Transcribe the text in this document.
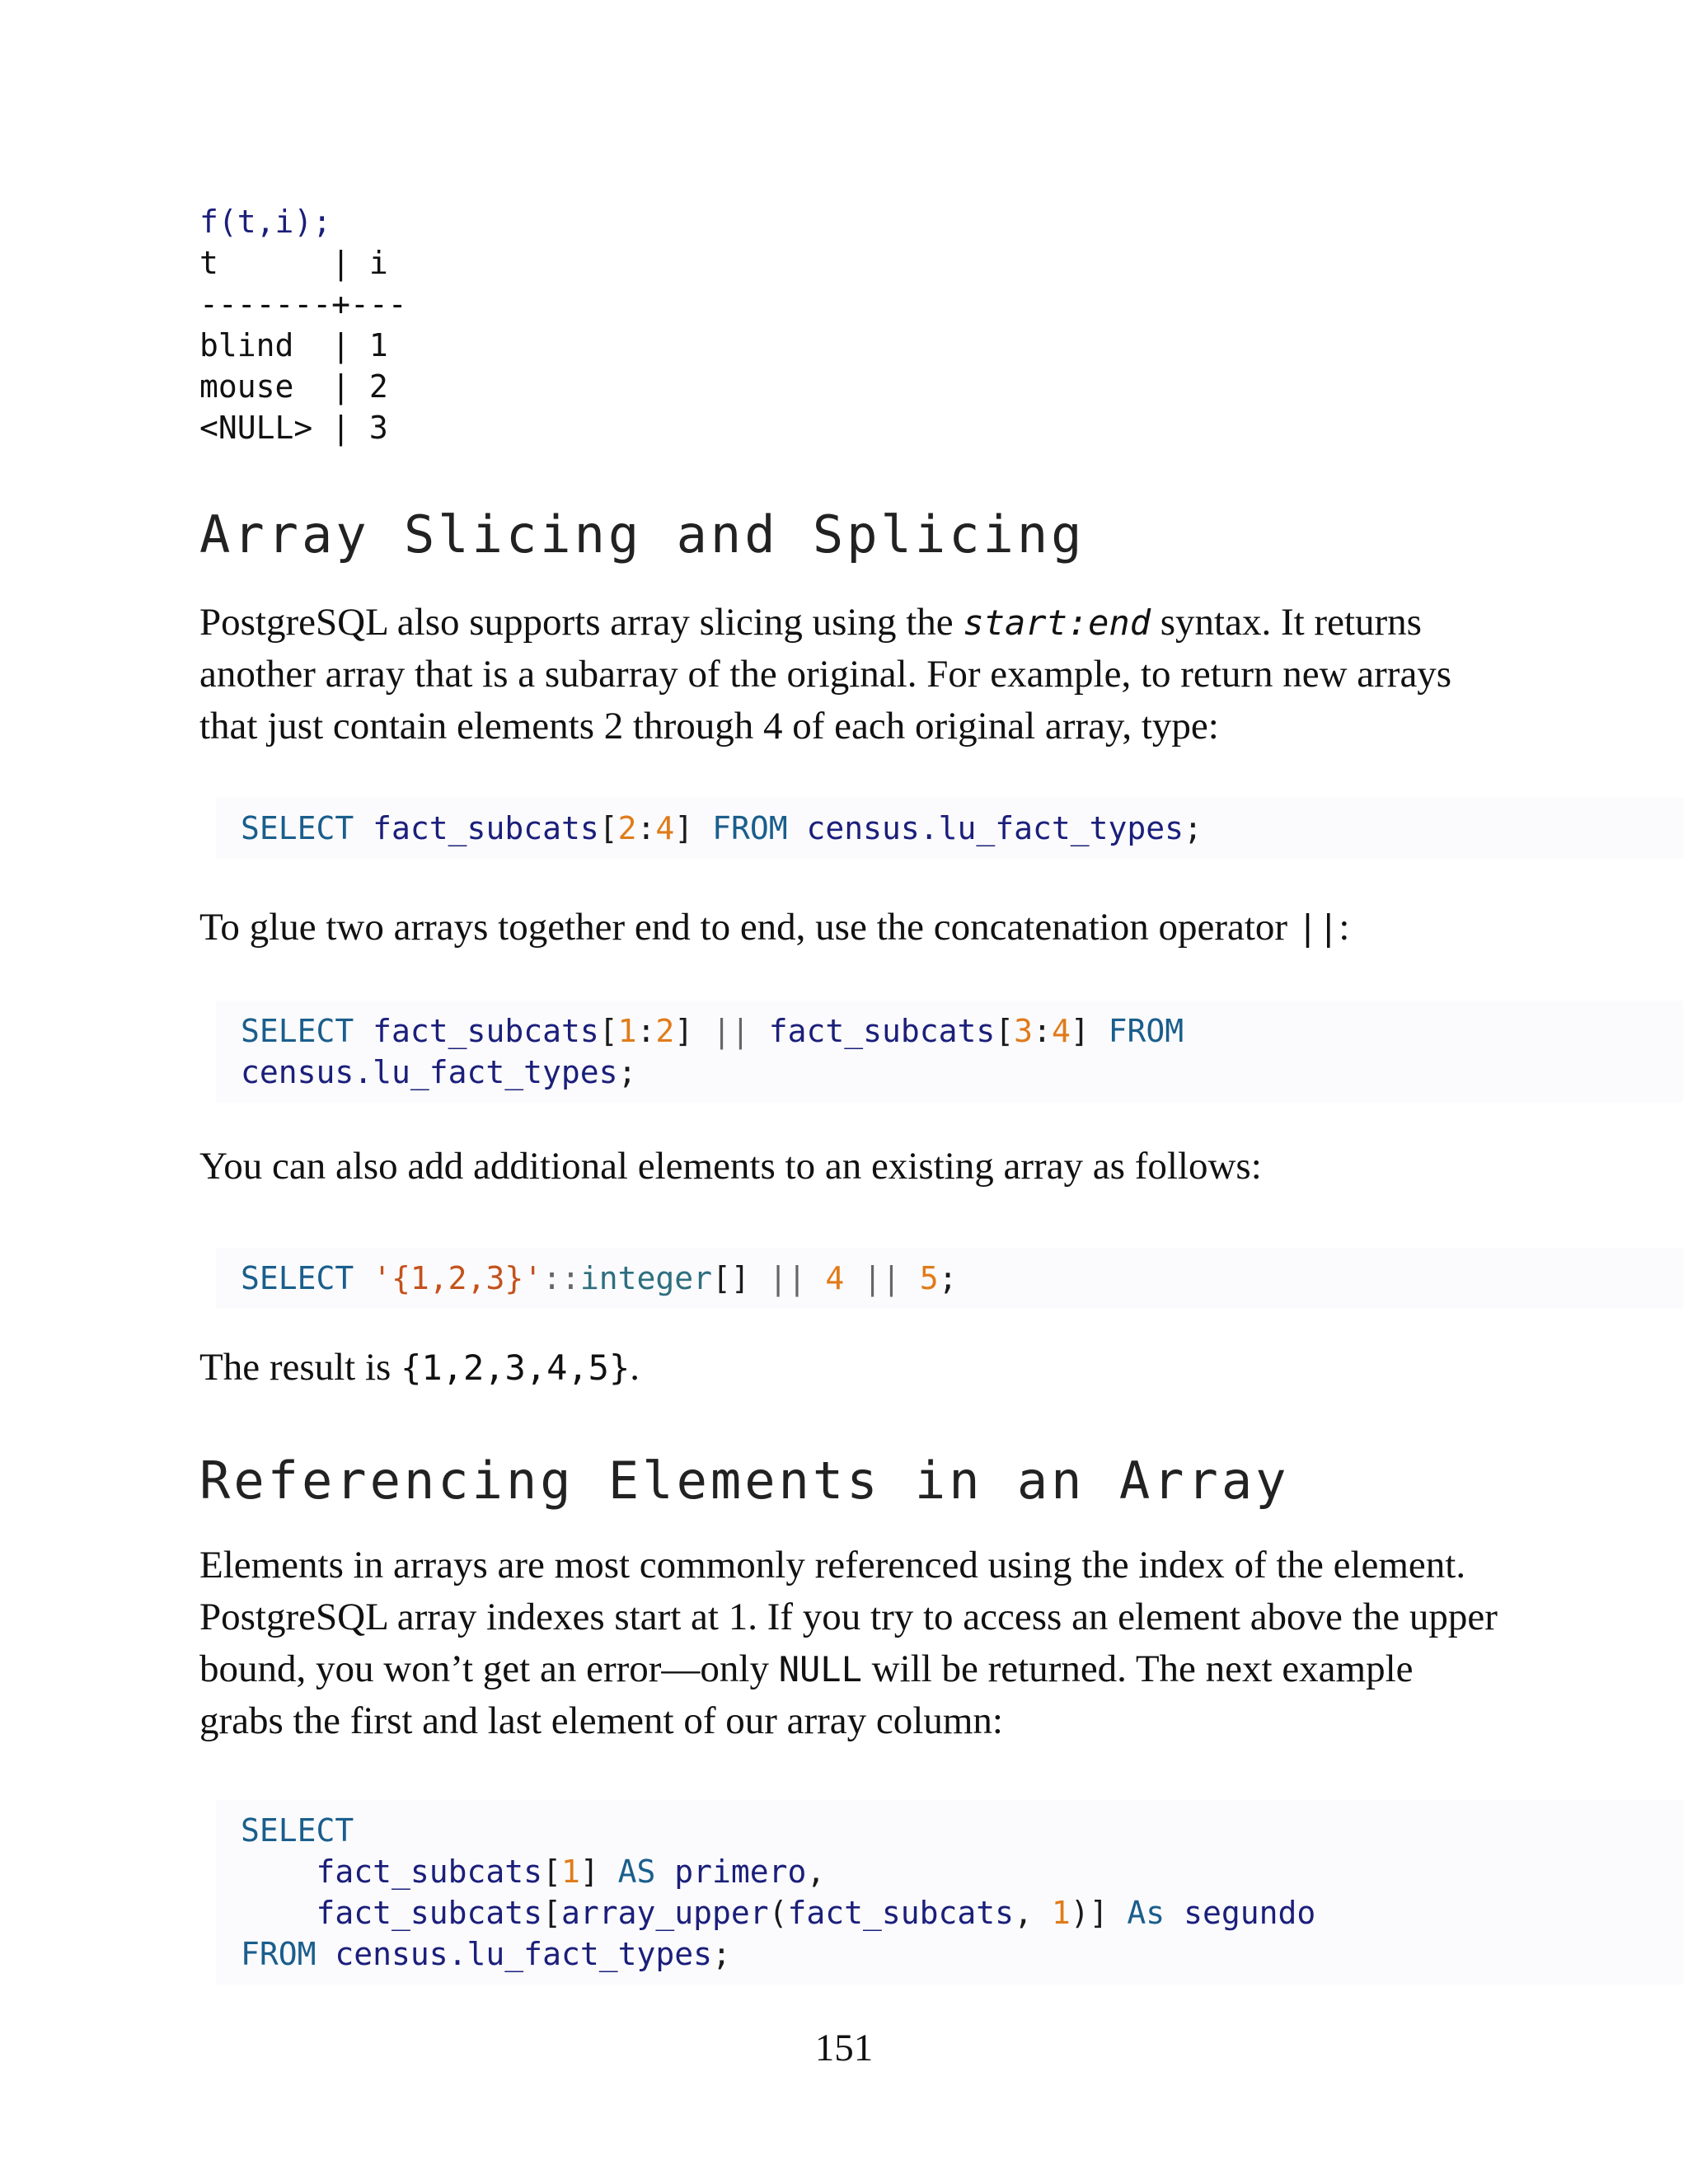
f(t,i);
t      | i
-------+---
blind  | 1
mouse  | 2
<NULL> | 3
Array Slicing and Splicing

PostgreSQL also supports array slicing using the start:end syntax. It returns another array that is a subarray of the original. For example, to return new arrays that just contain elements 2 through 4 of each original array, type:

SELECT fact_subcats[2:4] FROM census.lu_fact_types;

To glue two arrays together end to end, use the concatenation operator ||:

SELECT fact_subcats[1:2] || fact_subcats[3:4] FROM
census.lu_fact_types;

You can also add additional elements to an existing array as follows:

SELECT '{1,2,3}'::integer[] || 4 || 5;

The result is {1,2,3,4,5}.

Referencing Elements in an Array

Elements in arrays are most commonly referenced using the index of the element. PostgreSQL array indexes start at 1. If you try to access an element above the upper bound, you won’t get an error—only NULL will be returned. The next example grabs the first and last element of our array column:

SELECT
fact_subcats[1] AS primero,
fact_subcats[array_upper(fact_subcats, 1)] As segundo
FROM census.lu_fact_types;
151
